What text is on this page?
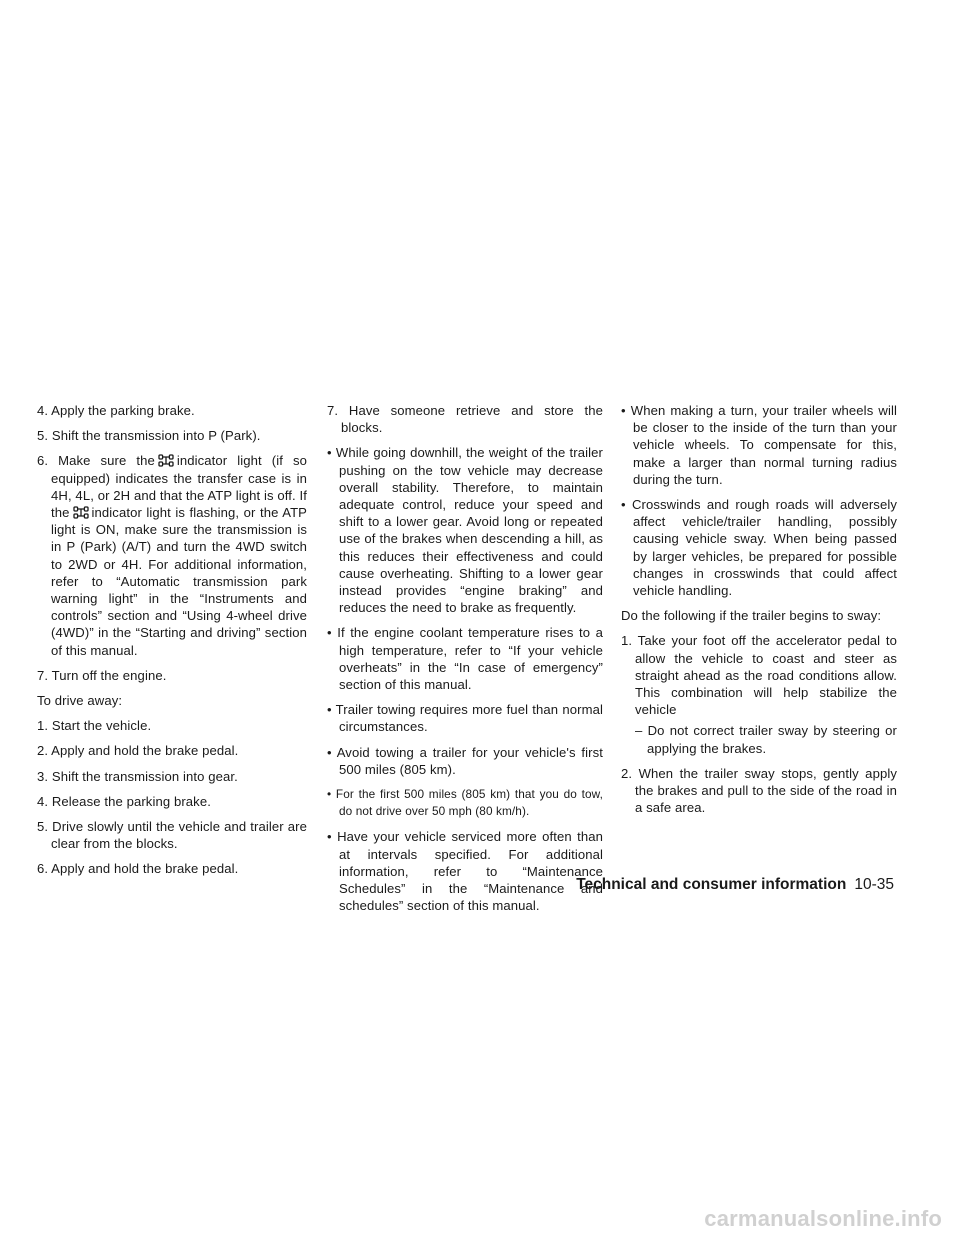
4. Apply the parking brake.

5. Shift the transmission into P (Park).

6. Make sure the indicator light (if so equipped) indicates the transfer case is in 4H, 4L, or 2H and that the ATP light is off. If the indicator light is flashing, or the ATP light is ON, make sure the transmission is in P (Park) (A/T) and turn the 4WD switch to 2WD or 4H. For additional information, refer to “Automatic transmission park warning light” in the “Instruments and controls” section and “Using 4-wheel drive (4WD)” in the “Starting and driving” section of this manual.

7. Turn off the engine.

To drive away:

1. Start the vehicle.

2. Apply and hold the brake pedal.

3. Shift the transmission into gear.

4. Release the parking brake.

5. Drive slowly until the vehicle and trailer are clear from the blocks.

6. Apply and hold the brake pedal.

7. Have someone retrieve and store the blocks.

• While going downhill, the weight of the trailer pushing on the tow vehicle may decrease overall stability. Therefore, to maintain adequate control, reduce your speed and shift to a lower gear. Avoid long or repeated use of the brakes when descending a hill, as this reduces their effectiveness and could cause overheating. Shifting to a lower gear instead provides “engine braking” and reduces the need to brake as frequently.

• If the engine coolant temperature rises to a high temperature, refer to “If your vehicle overheats” in the “In case of emergency” section of this manual.

• Trailer towing requires more fuel than normal circumstances.

• Avoid towing a trailer for your vehicle's first 500 miles (805 km).

• For the first 500 miles (805 km) that you do tow, do not drive over 50 mph (80 km/h).

• Have your vehicle serviced more often than at intervals specified. For additional information, refer to “Maintenance Schedules” in the “Maintenance and schedules” section of this manual.

• When making a turn, your trailer wheels will be closer to the inside of the turn than your vehicle wheels. To compensate for this, make a larger than normal turning radius during the turn.

• Crosswinds and rough roads will adversely affect vehicle/trailer handling, possibly causing vehicle sway. When being passed by larger vehicles, be prepared for possible changes in crosswinds that could affect vehicle handling.

Do the following if the trailer begins to sway:

1. Take your foot off the accelerator pedal to allow the vehicle to coast and steer as straight ahead as the road conditions allow. This combination will help stabilize the vehicle

– Do not correct trailer sway by steering or applying the brakes.

2. When the trailer sway stops, gently apply the brakes and pull to the side of the road in a safe area.

Technical and consumer information 10-35
carmanualsonline.info
